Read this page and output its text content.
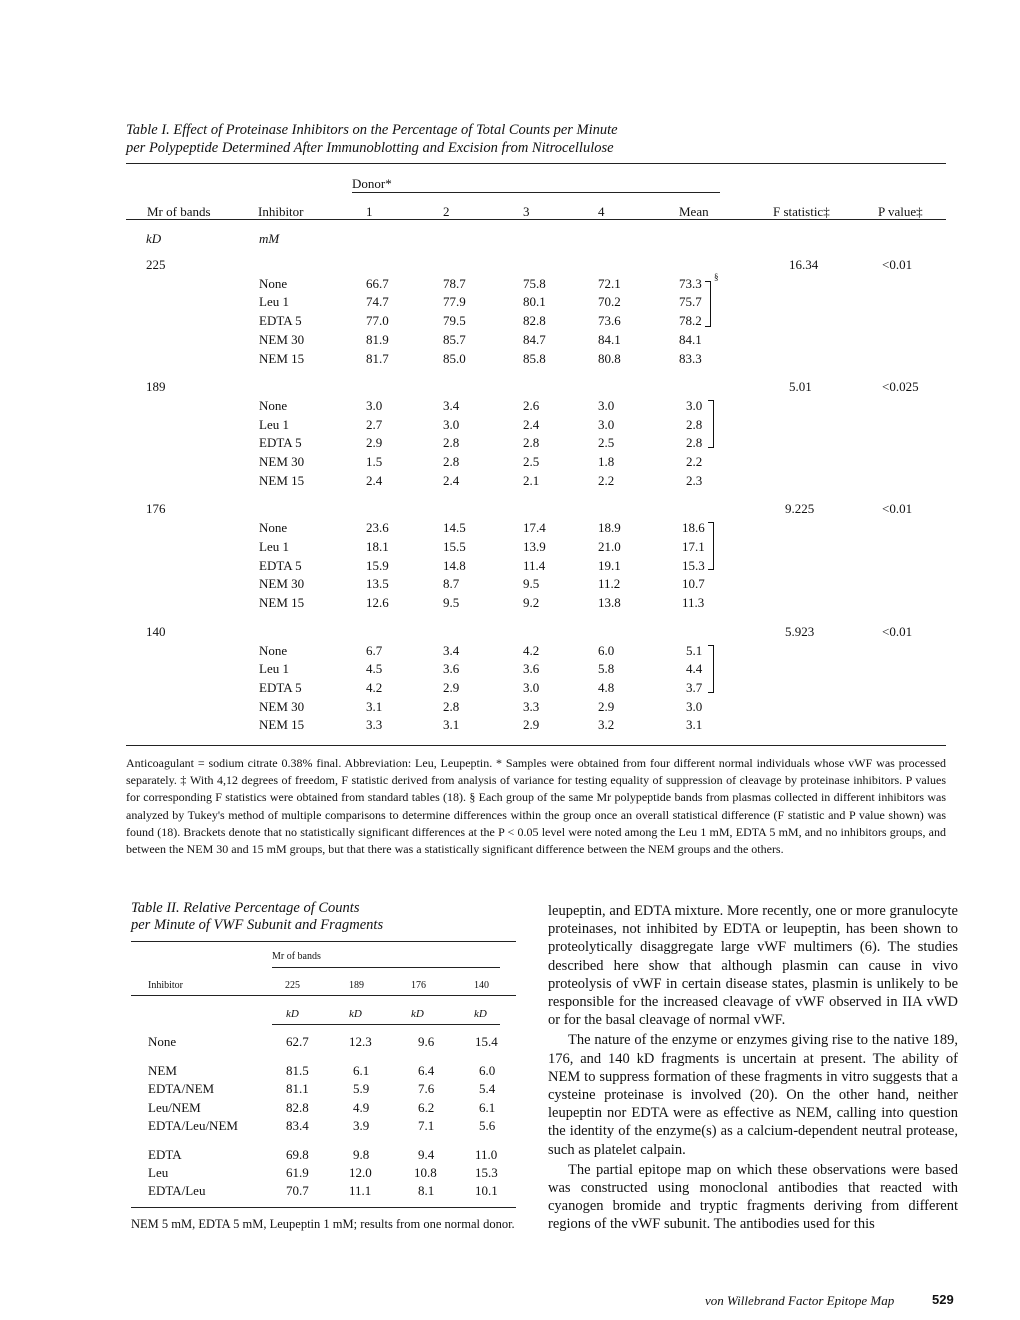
Table I. Effect of Proteinase Inhibitors on the Percentage of Total Counts per Minute
per Polypeptide Determined After Immunoblotting and Excision from Nitrocellulose
Donor*
Mr of bands	Inhibitor	1	2	3	4	Mean	F statistic‡	P value‡
kD	mM
225	16.34	<0.01
None	66.7	78.7	75.8	72.1	73.3
Leu 1	74.7	77.9	80.1	70.2	75.7
EDTA 5	77.0	79.5	82.8	73.6	78.2
NEM 30	81.9	85.7	84.7	84.1	84.1
NEM 15	81.7	85.0	85.8	80.8	83.3
§
189	5.01	<0.025
None	3.0	3.4	2.6	3.0	3.0
Leu 1	2.7	3.0	2.4	3.0	2.8
EDTA 5	2.9	2.8	2.8	2.5	2.8
NEM 30	1.5	2.8	2.5	1.8	2.2
NEM 15	2.4	2.4	2.1	2.2	2.3
176	9.225	<0.01
None	23.6	14.5	17.4	18.9	18.6
Leu 1	18.1	15.5	13.9	21.0	17.1
EDTA 5	15.9	14.8	11.4	19.1	15.3
NEM 30	13.5	8.7	9.5	11.2	10.7
NEM 15	12.6	9.5	9.2	13.8	11.3
140	5.923	<0.01
None	6.7	3.4	4.2	6.0	5.1
Leu 1	4.5	3.6	3.6	5.8	4.4
EDTA 5	4.2	2.9	3.0	4.8	3.7
NEM 30	3.1	2.8	3.3	2.9	3.0
NEM 15	3.3	3.1	2.9	3.2	3.1
Anticoagulant = sodium citrate 0.38% final. Abbreviation: Leu, Leupeptin. * Samples were obtained from four different normal individuals whose vWF was processed separately. ‡ With 4,12 degrees of freedom, F statistic derived from analysis of variance for testing equality of suppression of cleavage by proteinase inhibitors. P values for corresponding F statistics were obtained from standard tables (18). § Each group of the same Mr polypeptide bands from plasmas collected in different inhibitors was analyzed by Tukey's method of multiple comparisons to determine differences within the group once an overall statistical difference (F statistic and P value shown) was found (18). Brackets denote that no statistically significant differences at the P < 0.05 level were noted among the Leu 1 mM, EDTA 5 mM, and no inhibitors groups, and between the NEM 30 and 15 mM groups, but that there was a statistically significant difference between the NEM groups and the others.
Table II. Relative Percentage of Counts
per Minute of VWF Subunit and Fragments
Mr of bands
Inhibitor	225	189	176	140
kD	kD	kD	kD
None	62.7	12.3	9.6	15.4
NEM	81.5	6.1	6.4	6.0
EDTA/NEM	81.1	5.9	7.6	5.4
Leu/NEM	82.8	4.9	6.2	6.1
EDTA/Leu/NEM	83.4	3.9	7.1	5.6
EDTA	69.8	9.8	9.4	11.0
Leu	61.9	12.0	10.8	15.3
EDTA/Leu	70.7	11.1	8.1	10.1
NEM 5 mM, EDTA 5 mM, Leupeptin 1 mM; results from one normal donor.

leupeptin, and EDTA mixture. More recently, one or more granulocyte proteinases, not inhibited by EDTA or leupeptin, has been shown to proteolytically disaggregate large vWF multimers (6). The studies described here show that although plasmin can cause in vivo proteolysis of vWF in certain disease states, plasmin is unlikely to be responsible for the increased cleavage of vWF observed in IIA vWD or for the basal cleavage of normal vWF.

The nature of the enzyme or enzymes giving rise to the native 189, 176, and 140 kD fragments is uncertain at present. The ability of NEM to suppress formation of these fragments in vitro suggests that a cysteine proteinase is involved (20). On the other hand, neither leupeptin nor EDTA were as effective as NEM, calling into question the identity of the enzyme(s) as a calcium-dependent neutral protease, such as platelet calpain.

The partial epitope map on which these observations were based was constructed using monoclonal antibodies that reacted with cyanogen bromide and tryptic fragments deriving from different regions of the vWF subunit. The antibodies used for this

von Willebrand Factor Epitope Map	529
